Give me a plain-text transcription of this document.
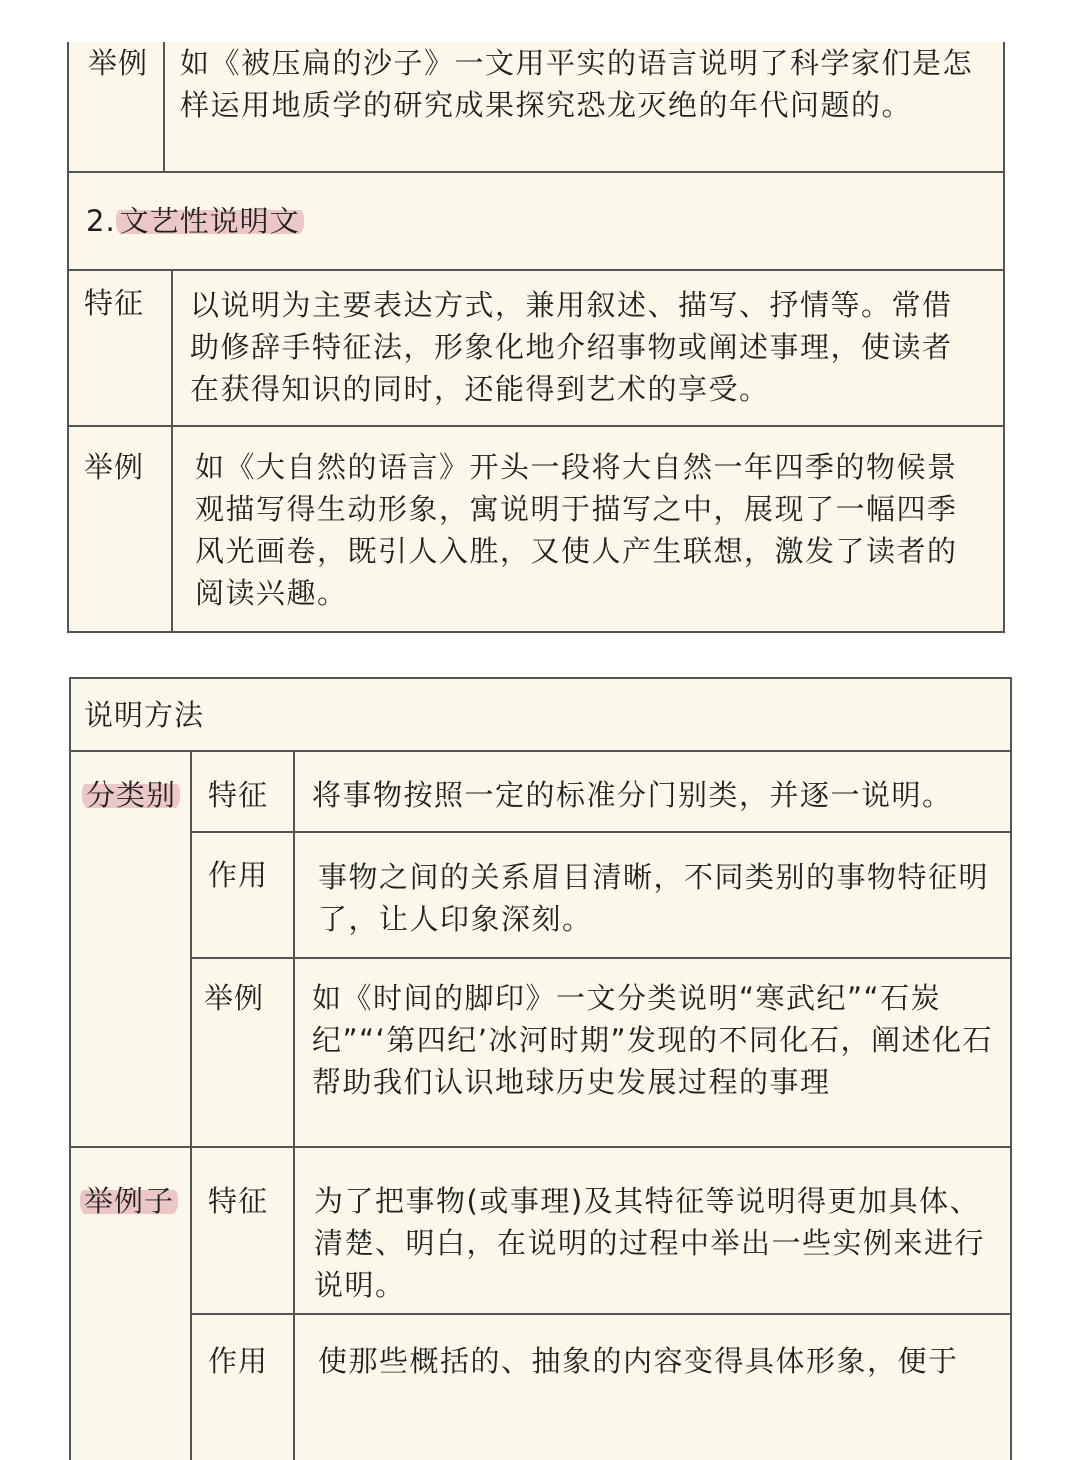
举例 如《被压扁的沙子》一文用平实的语言说明了科学家们是怎样运用地质学的研究成果探究恐龙灭绝的年代问题的。
2. 文艺性说明文
特征 以说明为主要表达方式，兼用叙述、描写、抒情等。常借助修辞手特征法，形象化地介绍事物或阐述事理，使读者在获得知识的同时，还能得到艺术的享受。
举例 如《大自然的语言》开头一段将大自然一年四季的物候景观描写得生动形象，寓说明于描写之中，展现了一幅四季风光画卷，既引人入胜，又使人产生联想，激发了读者的阅读兴趣。
说明方法
分类别 特征 将事物按照一定的标准分门别类，并逐一说明。
作用 事物之间的关系眉目清晰，不同类别的事物特征明了，让人印象深刻。
举例 如《时间的脚印》一文分类说明“寒武纪”“石炭纪”“‘第四纪’冰河时期”发现的不同化石，阐述化石帮助我们认识地球历史发展过程的事理
举例子 特征 为了把事物(或事理)及其特征等说明得更加具体、清楚、明白，在说明的过程中举出一些实例来进行说明。
作用 使那些概括的、抽象的内容变得具体形象，便于
